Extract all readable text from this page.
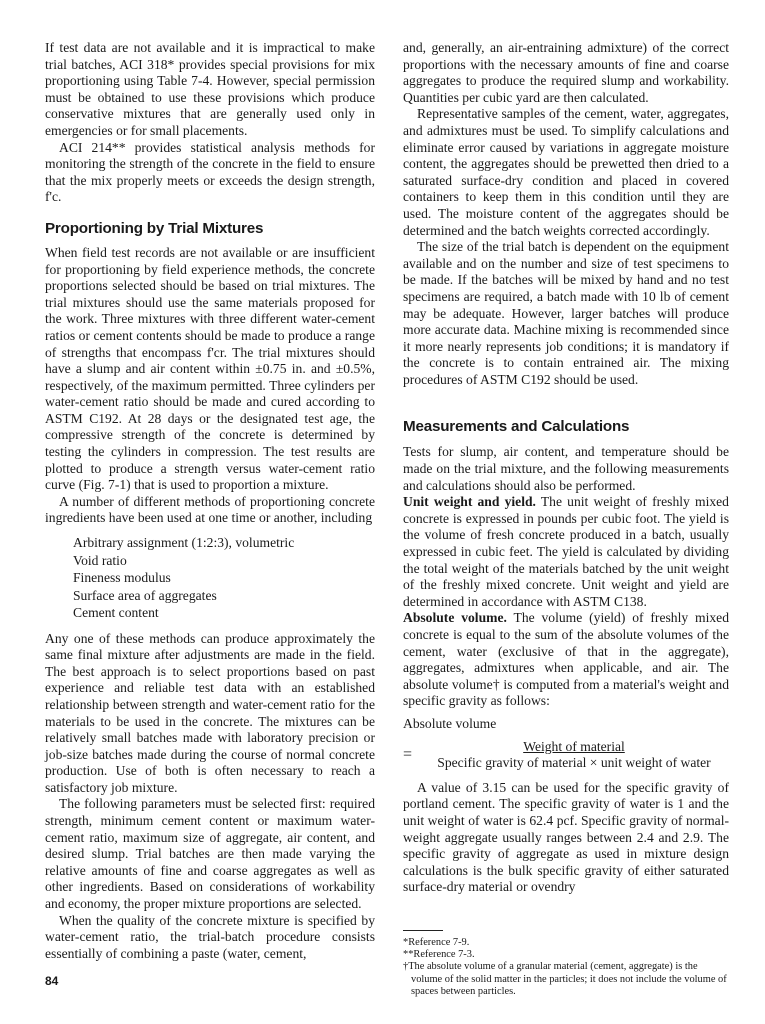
If test data are not available and it is impractical to make trial batches, ACI 318* provides special provisions for mix proportioning using Table 7-4. However, special permission must be obtained to use these provisions which produce conservative mixtures that are generally used only in emergencies or for small placements.

ACI 214** provides statistical analysis methods for monitoring the strength of the concrete in the field to ensure that the mix properly meets or exceeds the design strength, f'c.

Proportioning by Trial Mixtures

When field test records are not available or are insufficient for proportioning by field experience methods, the concrete proportions selected should be based on trial mixtures. The trial mixtures should use the same materials proposed for the work. Three mixtures with three different water-cement ratios or cement contents should be made to produce a range of strengths that encompass f'cr. The trial mixtures should have a slump and air content within ±0.75 in. and ±0.5%, respectively, of the maximum permitted. Three cylinders per water-cement ratio should be made and cured according to ASTM C192. At 28 days or the designated test age, the compressive strength of the concrete is determined by testing the cylinders in compression. The test results are plotted to produce a strength versus water-cement ratio curve (Fig. 7-1) that is used to proportion a mixture.

A number of different methods of proportioning concrete ingredients have been used at one time or another, including

Arbitrary assignment (1:2:3), volumetric
Void ratio
Fineness modulus
Surface area of aggregates
Cement content

Any one of these methods can produce approximately the same final mixture after adjustments are made in the field. The best approach is to select proportions based on past experience and reliable test data with an established relationship between strength and water-cement ratio for the materials to be used in the concrete. The mixtures can be relatively small batches made with laboratory precision or job-size batches made during the course of normal concrete production. Use of both is often necessary to reach a satisfactory job mixture.

The following parameters must be selected first: required strength, minimum cement content or maximum water-cement ratio, maximum size of aggregate, air content, and desired slump. Trial batches are then made varying the relative amounts of fine and coarse aggregates as well as other ingredients. Based on considerations of workability and economy, the proper mixture proportions are selected.

When the quality of the concrete mixture is specified by water-cement ratio, the trial-batch procedure consists essentially of combining a paste (water, cement,

and, generally, an air-entraining admixture) of the correct proportions with the necessary amounts of fine and coarse aggregates to produce the required slump and workability. Quantities per cubic yard are then calculated.

Representative samples of the cement, water, aggregates, and admixtures must be used. To simplify calculations and eliminate error caused by variations in aggregate moisture content, the aggregates should be prewetted then dried to a saturated surface-dry condition and placed in covered containers to keep them in this condition until they are used. The moisture content of the aggregates should be determined and the batch weights corrected accordingly.

The size of the trial batch is dependent on the equipment available and on the number and size of test specimens to be made. If the batches will be mixed by hand and no test specimens are required, a batch made with 10 lb of cement may be adequate. However, larger batches will produce more accurate data. Machine mixing is recommended since it more nearly represents job conditions; it is mandatory if the concrete is to contain entrained air. The mixing procedures of ASTM C192 should be used.

Measurements and Calculations

Tests for slump, air content, and temperature should be made on the trial mixture, and the following measurements and calculations should also be performed.

Unit weight and yield. The unit weight of freshly mixed concrete is expressed in pounds per cubic foot. The yield is the volume of fresh concrete produced in a batch, usually expressed in cubic feet. The yield is calculated by dividing the total weight of the materials batched by the unit weight of the freshly mixed concrete. Unit weight and yield are determined in accordance with ASTM C138.

Absolute volume. The volume (yield) of freshly mixed concrete is equal to the sum of the absolute volumes of the cement, water (exclusive of that in the aggregate), aggregates, admixtures when applicable, and air. The absolute volume† is computed from a material's weight and specific gravity as follows:

Absolute volume

= $\frac{\text{Weight of material}}{\text{Specific gravity of material × unit weight of water}}$

A value of 3.15 can be used for the specific gravity of portland cement. The specific gravity of water is 1 and the unit weight of water is 62.4 pcf. Specific gravity of normal-weight aggregate usually ranges between 2.4 and 2.9. The specific gravity of aggregate as used in mixture design calculations is the bulk specific gravity of either saturated surface-dry material or ovendry

*Reference 7-9.
**Reference 7-3.
†The absolute volume of a granular material (cement, aggregate) is the volume of the solid matter in the particles; it does not include the volume of spaces between particles.
84
